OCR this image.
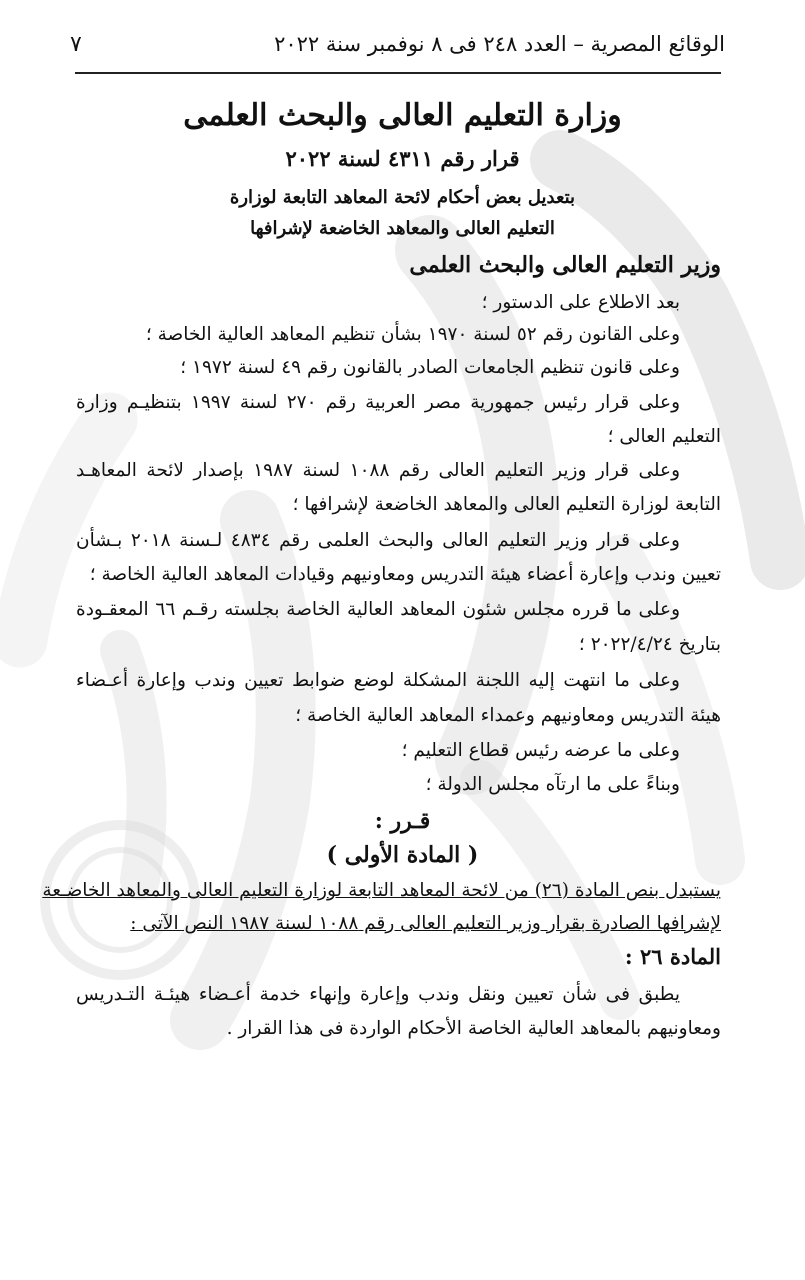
الوقائع المصرية – العدد ٢٤٨ فى ٨ نوفمبر سنة ٢٠٢٢
٧
وزارة التعليم العالى والبحث العلمى
قرار رقم ٤٣١١ لسنة ٢٠٢٢
بتعديل بعض أحكام لائحة المعاهد التابعة لوزارة
التعليم العالى والمعاهد الخاضعة لإشرافها
وزير التعليم العالى والبحث العلمى
بعد الاطلاع على الدستور ؛
وعلى القانون رقم ٥٢ لسنة ١٩٧٠ بشأن تنظيم المعاهد العالية الخاصة ؛
وعلى قانون تنظيم الجامعات الصادر بالقانون رقم ٤٩ لسنة ١٩٧٢ ؛
وعلى قرار رئيس جمهورية مصر العربية رقم ٢٧٠ لسنة ١٩٩٧ بتنظيـم وزارة
التعليم العالى ؛
وعلى قرار وزير التعليم العالى رقم ١٠٨٨ لسنة ١٩٨٧ بإصدار لائحة المعاهـد
التابعة لوزارة التعليم العالى والمعاهد الخاضعة لإشرافها ؛
وعلى قرار وزير التعليم العالى والبحث العلمى رقم ٤٨٣٤ لـسنة ٢٠١٨ بـشأن
تعيين وندب وإعارة أعضاء هيئة التدريس ومعاونيهم وقيادات المعاهد العالية الخاصة ؛
وعلى ما قرره مجلس شئون المعاهد العالية الخاصة بجلسته رقـم ٦٦ المعقـودة
بتاريخ ٢٠٢٢/٤/٢٤ ؛
وعلى ما انتهت إليه اللجنة المشكلة لوضع ضوابط تعيين وندب وإعارة أعـضاء
هيئة التدريس ومعاونيهم وعمداء المعاهد العالية الخاصة ؛
وعلى ما عرضه رئيس قطاع التعليم ؛
وبناءً على ما ارتآه مجلس الدولة ؛
قـرر :
( المادة الأولى )
يستبدل بنص المادة (٢٦) من لائحة المعاهد التابعة لوزارة التعليم العالى والمعاهد الخاضـعة
لإشرافها الصادرة بقرار وزير التعليم العالى رقم ١٠٨٨ لسنة ١٩٨٧ النص الآتى :
المادة ٢٦ :
يطبق فى شأن تعيين ونقل وندب وإعارة وإنهاء خدمة أعـضاء هيئـة التـدريس
ومعاونيهم بالمعاهد العالية الخاصة الأحكام الواردة فى هذا القرار .
